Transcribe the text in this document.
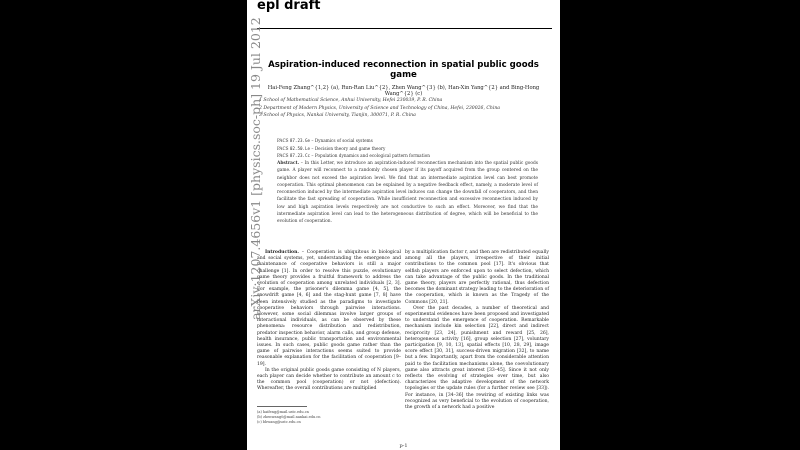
epl draft
Aspiration-induced reconnection in spatial public goods game
Hai-Feng Zhang^{1,2} (a), Run-Ran Liu^{2}, Zhen Wang^{3} (b), Han-Xin Yang^{2} and Bing-Hong Wang^{2} (c)
1 School of Mathematical Science, Anhui University, Hefei 230039, P. R. China
2 Department of Modern Physics, University of Science and Technology of China, Hefei, 230026, China
3 School of Physics, Nankai University, Tianjin, 300071, P. R. China
PACS 87.23.Ge – Dynamics of social systems
PACS 02.50.Le – Decision theory and game theory
PACS 87.23.Cc – Population dynamics and ecological pattern formation
Abstract. – In this Letter, we introduce an aspiration-induced reconnection mechanism into the spatial public goods game. A player will reconnect to a randomly chosen player if its payoff acquired from the group centered on the neighbor does not exceed the aspiration level. We find that an intermediate aspiration level can best promote cooperation. This optimal phenomenon can be explained by a negative feedback effect, namely, a moderate level of reconnection induced by the intermediate aspiration level induces can change the downfall of cooperators, and then facilitate the fast spreading of cooperation. While insufficient reconnection and excessive reconnection induced by low and high aspiration levels respectively are not conductive to such an effect. Moreover, we find that the intermediate aspiration level can lead to the heterogeneous distribution of degree, which will be beneficial to the evolution of cooperation.

Introduction. – Cooperation is ubiquitous in biological and social systems, yet, understanding the emergence and maintenance of cooperative behaviors is still a major challenge [1]. In order to resolve this puzzle, evolutionary game theory provides a fruitful framework to address the evolution of cooperation among unrelated individuals [2, 3]. For example, the prisoner's dilemma game [4, 5], the snowdrift game [4, 6] and the stag-hunt game [7, 8] have been intensively studied as the paradigms to investigate cooperative behaviors through pairwise interactions. However, some social dilemmas involve larger groups of interactional individuals, as can be observed by these phenomena: resource distribution and redistribution, predator inspection behavior, alarm calls, and group defense, health insurance, public transportation and environmental issues. In such cases, public goods game rather than the game of pairwise interactions seems suited to provide reasonable explanation for the facilitation of cooperation [9–19].

In the original public goods game consisting of N players, each player can decide whether to contribute an amount c to the common pool (cooperation) or not (defection). Whereafter, the overall contributions are multiplied

by a multiplication factor r, and then are redistributed equally among all the players, irrespective of their initial contributions to the common pool [17]. It's obvious that selfish players are enforced upon to select defection, which can take advantage of the public goods. In the traditional game theory, players are perfectly rational, thus defection becomes the dominant strategy leading to the deterioration of the cooperation, which is known as the Tragedy of the Commons [20, 21].

Over the past decades, a number of theoretical and experimental evidences have been proposed and investigated to understand the emergence of cooperation. Remarkable mechanism include kin selection [22], direct and indirect reciprocity [23, 24], punishment and reward [25, 26], heterogeneous activity [16], group selection [27], voluntary participation [9, 10, 13], spatial effects [10, 28, 29], image score effect [30, 31], success-driven migration [32], to name but a few. Importantly, apart from the considerable attention paid to the facilitation mechanisms alone, the coevolutionary game also attracts great interest [33–45]. Since it not only reflects the evolving of strategies over time, but also characterizes the adaptive development of the network topologies or the update rules (for a further review see [33]). For instance, in [34–36] the rewiring of existing links was recognized as very beneficial to the evolution of cooperation, the growth of a network had a positive

(a) haifeng@mail.ustc.edu.cn
(b) zhenwang0@mail.nankai.edu.cn
(c) bhwang@ustc.edu.cn
p-1
arXiv:1207.4656v1 [physics.soc-ph] 19 Jul 2012
